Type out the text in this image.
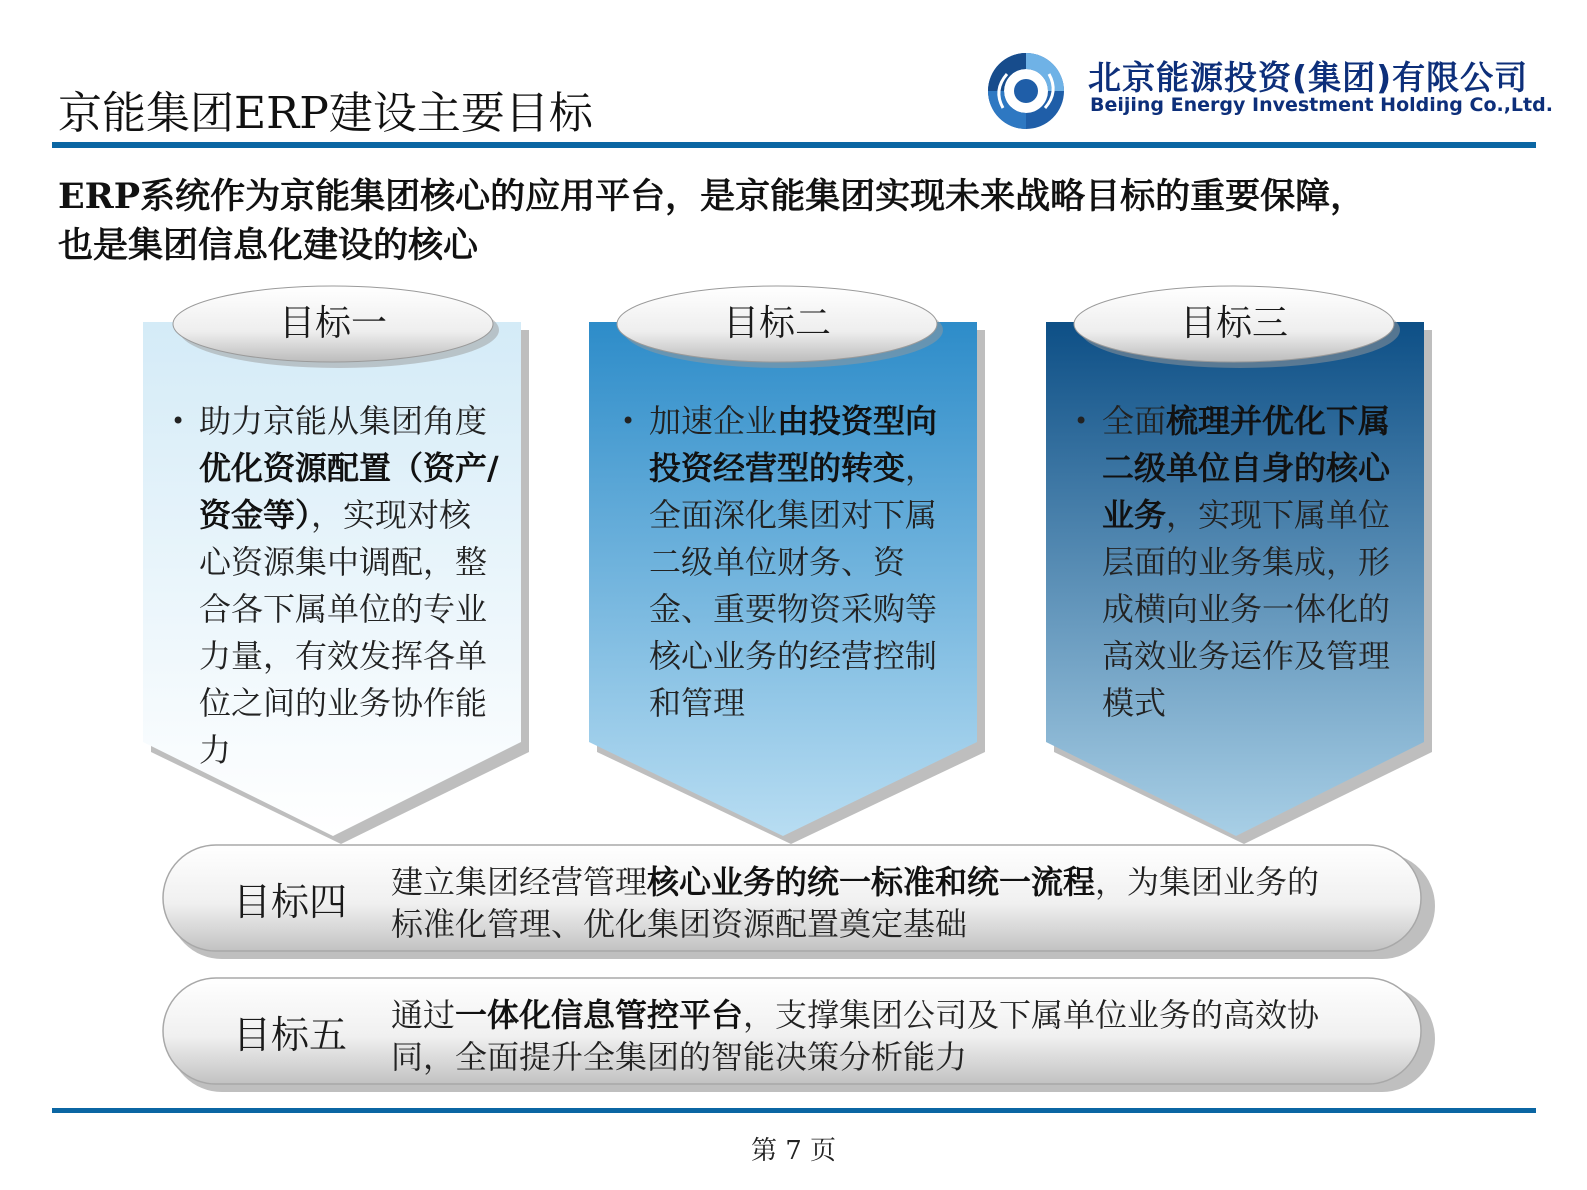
京能集团ERP建设主要目标
北京能源投资(集团)有限公司
Beijing Energy Investment Holding Co.,Ltd.
ERP系统作为京能集团核心的应用平台，是京能集团实现未来战略目标的重要保障，
也是集团信息化建设的核心
目标一
• 助力京能从集团角度优化资源配置（资产/资金等），实现对核心资源集中调配，整合各下属单位的专业力量，有效发挥各单位之间的业务协作能力
目标二
• 加速企业由投资型向投资经营型的转变，全面深化集团对下属二级单位财务、资金、重要物资采购等核心业务的经营控制和管理
目标三
• 全面梳理并优化下属二级单位自身的核心业务，实现下属单位层面的业务集成，形成横向业务一体化的高效业务运作及管理模式
目标四 建立集团经营管理核心业务的统一标准和统一流程，为集团业务的标准化管理、优化集团资源配置奠定基础
目标五 通过一体化信息管控平台，支撑集团公司及下属单位业务的高效协同，全面提升全集团的智能决策分析能力
第 7 页
